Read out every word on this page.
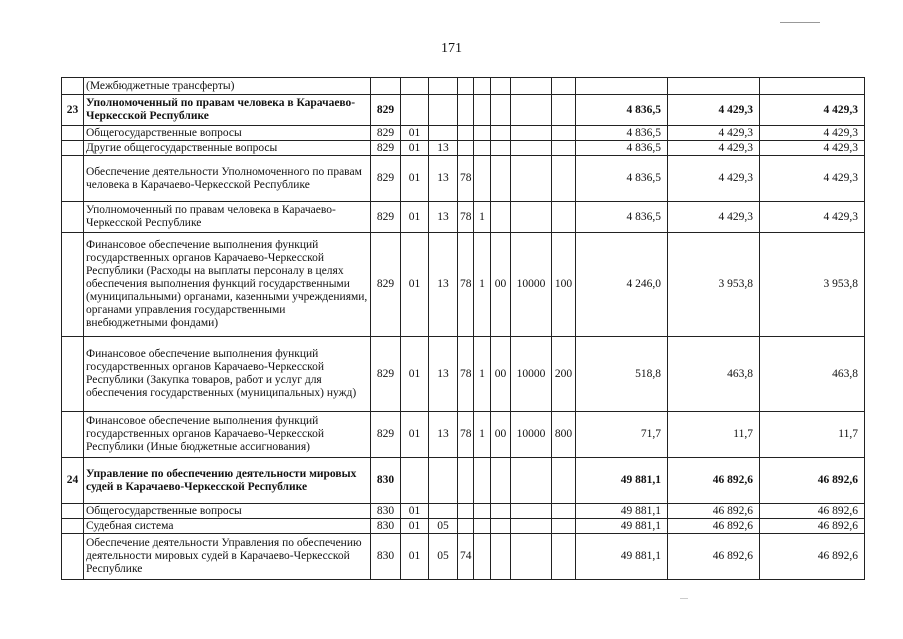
171
	(Межбюджетные трансферты)											
23	Уполномоченный по правам человека в Карачаево-Черкесской Республике	829								4 836,5	4 429,3	4 429,3
	Общегосударственные вопросы	829	01							4 836,5	4 429,3	4 429,3
	Другие общегосударственные вопросы	829	01	13						4 836,5	4 429,3	4 429,3
	Обеспечение деятельности Уполномоченного по правам человека в Карачаево-Черкесской Республике	829	01	13	78					4 836,5	4 429,3	4 429,3
	Уполномоченный по правам человека в Карачаево-Черкесской Республике	829	01	13	78	1				4 836,5	4 429,3	4 429,3
	Финансовое обеспечение выполнения функций государственных органов Карачаево-Черкесской Республики (Расходы на выплаты персоналу в целях обеспечения выполнения функций государственными (муниципальными) органами, казенными учреждениями, органами управления государственными внебюджетными фондами)	829	01	13	78	1	00	10000	100	4 246,0	3 953,8	3 953,8
	Финансовое обеспечение выполнения функций государственных органов Карачаево-Черкесской Республики (Закупка товаров, работ и услуг для обеспечения государственных (муниципальных) нужд)	829	01	13	78	1	00	10000	200	518,8	463,8	463,8
	Финансовое обеспечение выполнения функций государственных органов Карачаево-Черкесской Республики (Иные бюджетные ассигнования)	829	01	13	78	1	00	10000	800	71,7	11,7	11,7
24	Управление по обеспечению деятельности мировых судей в Карачаево-Черкесской Республике	830								49 881,1	46 892,6	46 892,6
	Общегосударственные вопросы	830	01							49 881,1	46 892,6	46 892,6
	Судебная система	830	01	05						49 881,1	46 892,6	46 892,6
	Обеспечение деятельности Управления по обеспечению деятельности мировых судей в Карачаево-Черкесской Республике	830	01	05	74					49 881,1	46 892,6	46 892,6
